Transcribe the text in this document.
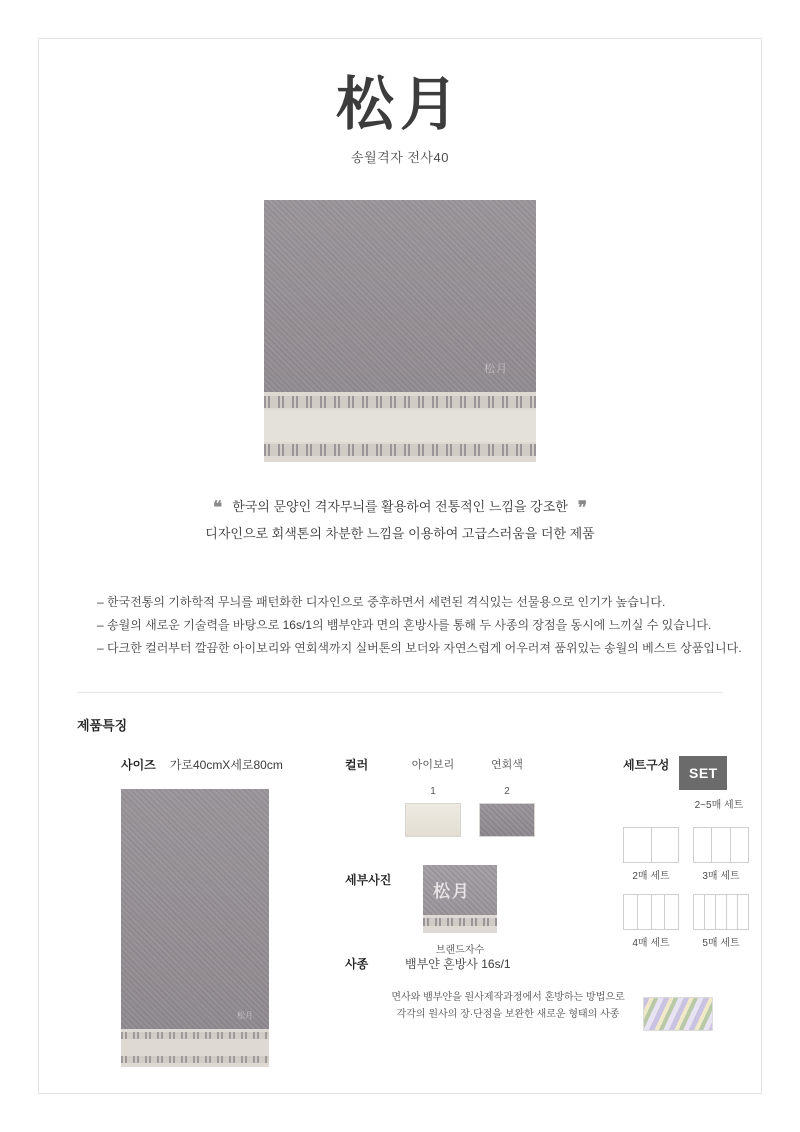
松月
송월격자 전사40
松月
❝ 한국의 문양인 격자무늬를 활용하여 전통적인 느낌을 강조한 ❞
디자인으로 회색톤의 차분한 느낌을 이용하여 고급스러움을 더한 제품
– 한국전통의 기하학적 무늬를 패턴화한 디자인으로 중후하면서 세련된 격식있는 선물용으로 인기가 높습니다.
– 송월의 새로운 기술력을 바탕으로 16s/1의 뱀부얀과 면의 혼방사를 통해 두 사종의 장점을 동시에 느끼실 수 있습니다.
– 다크한 컬러부터 깔끔한 아이보리와 연회색까지 실버톤의 보더와 자연스럽게 어우러져 품위있는 송월의 베스트 상품입니다.
제품특징
사이즈 가로40cmX세로80cm
松月
컬러	아이보리	연회색
1	2
세부사진
松月
브랜드자수
사종	뱀부얀 혼방사 16s/1
면사와 뱀부얀을 원사제작과정에서 혼방하는 방법으로
각각의 원사의 장·단점을 보완한 새로운 형태의 사종
세트구성	SET
2~5매 세트
2매 세트	3매 세트
4매 세트	5매 세트
